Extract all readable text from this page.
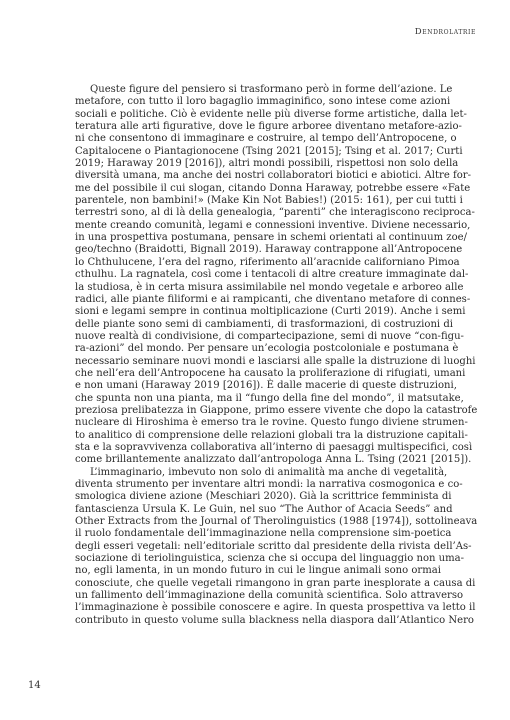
Dendrolatrie
Queste figure del pensiero si trasformano però in forme dell’azione. Le
metafore, con tutto il loro bagaglio immaginifico, sono intese come azioni
sociali e politiche. Ciò è evidente nelle più diverse forme artistiche, dalla let-
teratura alle arti figurative, dove le figure arboree diventano metafore-azio-
ni che consentono di immaginare e costruire, al tempo dell’Antropocene, o
Capitalocene o Piantagionocene (Tsing 2021 [2015]; Tsing et al. 2017; Curti
2019; Haraway 2019 [2016]), altri mondi possibili, rispettosi non solo della
diversità umana, ma anche dei nostri collaboratori biotici e abiotici. Altre for-
me del possibile il cui slogan, citando Donna Haraway, potrebbe essere «Fate
parentele, non bambini!» (Make Kin Not Babies!) (2015: 161), per cui tutti i
terrestri sono, al di là della genealogia, “parenti” che interagiscono reciproca-
mente creando comunità, legami e connessioni inventive. Diviene necessario,
in una prospettiva postumana, pensare in schemi orientati al continuum zoe/
geo/techno (Braidotti, Bignall 2019). Haraway contrappone all’Antropocene
lo Chthulucene, l’era del ragno, riferimento all’aracnide californiano Pimoa
cthulhu. La ragnatela, così come i tentacoli di altre creature immaginate dal-
la studiosa, è in certa misura assimilabile nel mondo vegetale e arboreo alle
radici, alle piante filiformi e ai rampicanti, che diventano metafore di connes-
sioni e legami sempre in continua moltiplicazione (Curti 2019). Anche i semi
delle piante sono semi di cambiamenti, di trasformazioni, di costruzioni di
nuove realtà di condivisione, di compartecipazione, semi di nuove “con-figu-
ra-azioni” del mondo. Per pensare un’ecologia postcoloniale e postumana è
necessario seminare nuovi mondi e lasciarsi alle spalle la distruzione di luoghi
che nell’era dell’Antropocene ha causato la proliferazione di rifugiati, umani
e non umani (Haraway 2019 [2016]). È dalle macerie di queste distruzioni,
che spunta non una pianta, ma il “fungo della fine del mondo”, il matsutake,
preziosa prelibatezza in Giappone, primo essere vivente che dopo la catastrofe
nucleare di Hiroshima è emerso tra le rovine. Questo fungo diviene strumen-
to analitico di comprensione delle relazioni globali tra la distruzione capitali-
sta e la sopravvivenza collaborativa all’interno di paesaggi multispecifici, così
come brillantemente analizzato dall’antropologa Anna L. Tsing (2021 [2015]).
L’immaginario, imbevuto non solo di animalità ma anche di vegetalità,
diventa strumento per inventare altri mondi: la narrativa cosmogonica e co-
smologica diviene azione (Meschiari 2020). Già la scrittrice femminista di
fantascienza Ursula K. Le Guin, nel suo “The Author of Acacia Seeds” and
Other Extracts from the Journal of Therolinguistics (1988 [1974]), sottolineava
il ruolo fondamentale dell’immaginazione nella comprensione sim-poetica
degli esseri vegetali: nell’editoriale scritto dal presidente della rivista dell’As-
sociazione di teriolinguistica, scienza che si occupa del linguaggio non uma-
no, egli lamenta, in un mondo futuro in cui le lingue animali sono ormai
conosciute, che quelle vegetali rimangono in gran parte inesplorate a causa di
un fallimento dell’immaginazione della comunità scientifica. Solo attraverso
l’immaginazione è possibile conoscere e agire. In questa prospettiva va letto il
contributo in questo volume sulla blackness nella diaspora dall’Atlantico Nero
14
